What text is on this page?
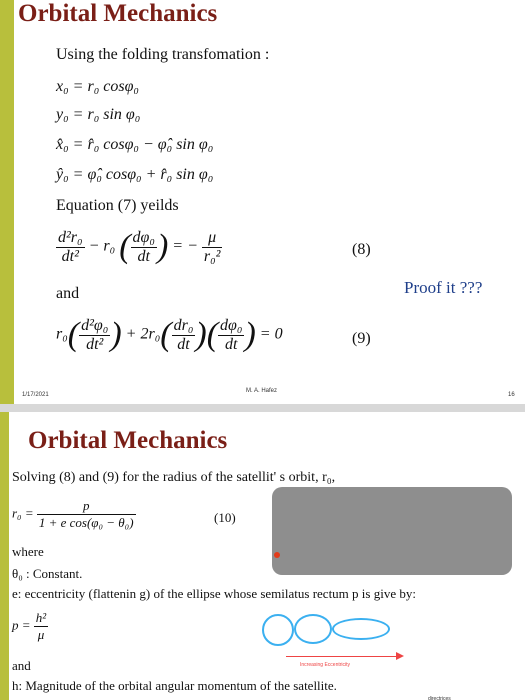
Orbital Mechanics
Using the folding transfomation :
x₀ = r₀ cosφ₀
y₀ = r₀ sin φ₀
x̂₀ = r̂₀ cosφ₀ − φ̂₀ sin φ₀
ŷ₀ = φ̂₀ cosφ₀ + r̂₀ sin φ₀
Equation (7) yeilds
$\frac{\text{d²r₀}}{\text{dt²}} - r_0$ ( $\frac{\text{dφ₀}}{dt}$ ) = − $\frac{\mu}{\text{r₀²}}$	(8)
Proof it ???
and
$r_0( \frac{\text{d²φ₀}}{\text{dt²}}$ ) + $2r_0( \frac{\text{dr₀}}{dt}$ )( $\frac{\text{dφ₀}}{dt}$ ) = 0	(9)
1/17/2021
M. A. Hafez
16
Orbital Mechanics
Solving (8) and (9) for the radius of the satellit' s orbit, r₀,
$r_0 = \frac{p}{\text{1 + e cos(φ₀ − θ₀)}}$	(10)
where
θ₀ : Constant.
e: eccentricity (flattenin g) of the ellipse whose semilatus rectum p is give by:
$p = \frac{\text{h²}}{\mu}$
Increasing Eccentricity
and
h: Magnitude of the orbital angular momentum of the satellite.
directrices
